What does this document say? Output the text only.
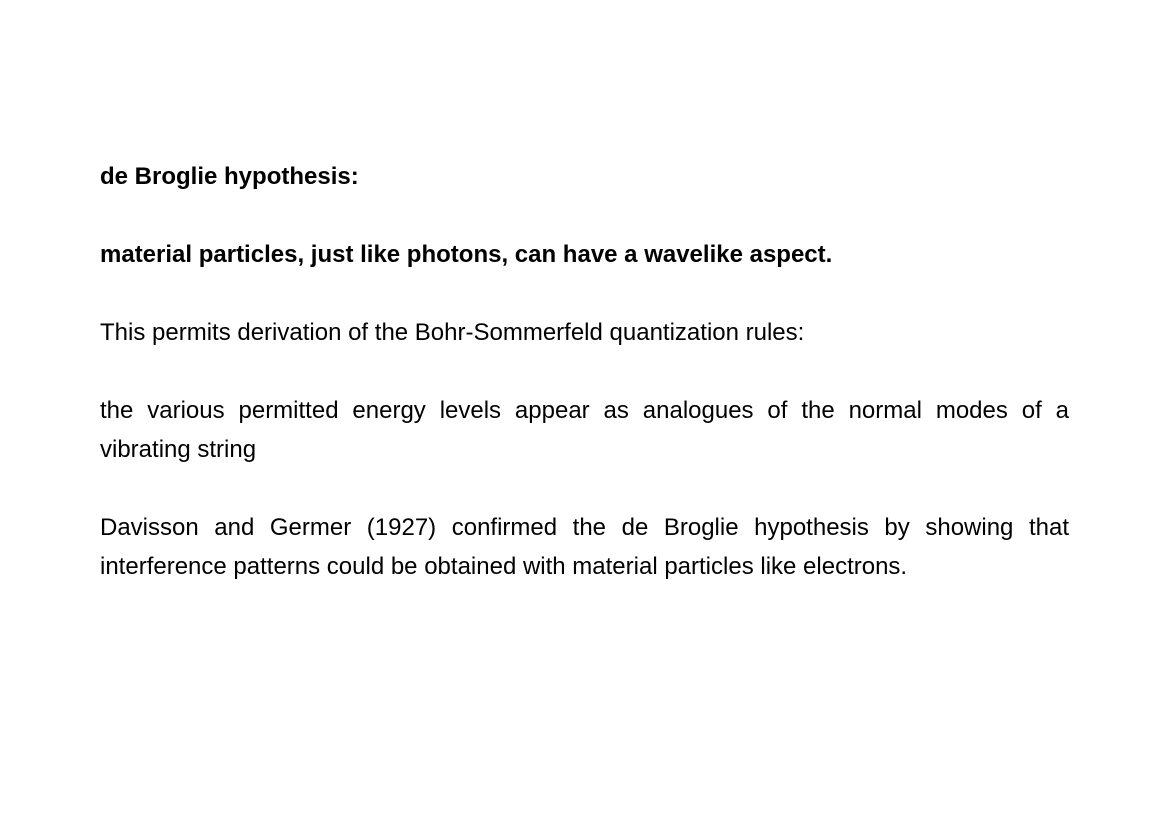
de Broglie hypothesis:

material particles, just like photons, can have a wavelike aspect.

This permits derivation of the Bohr-Sommerfeld quantization rules:

the various permitted energy levels appear as analogues of the normal modes of a vibrating string

Davisson and Germer (1927) confirmed the de Broglie hypothesis by showing that interference patterns could be obtained with material particles like electrons.
